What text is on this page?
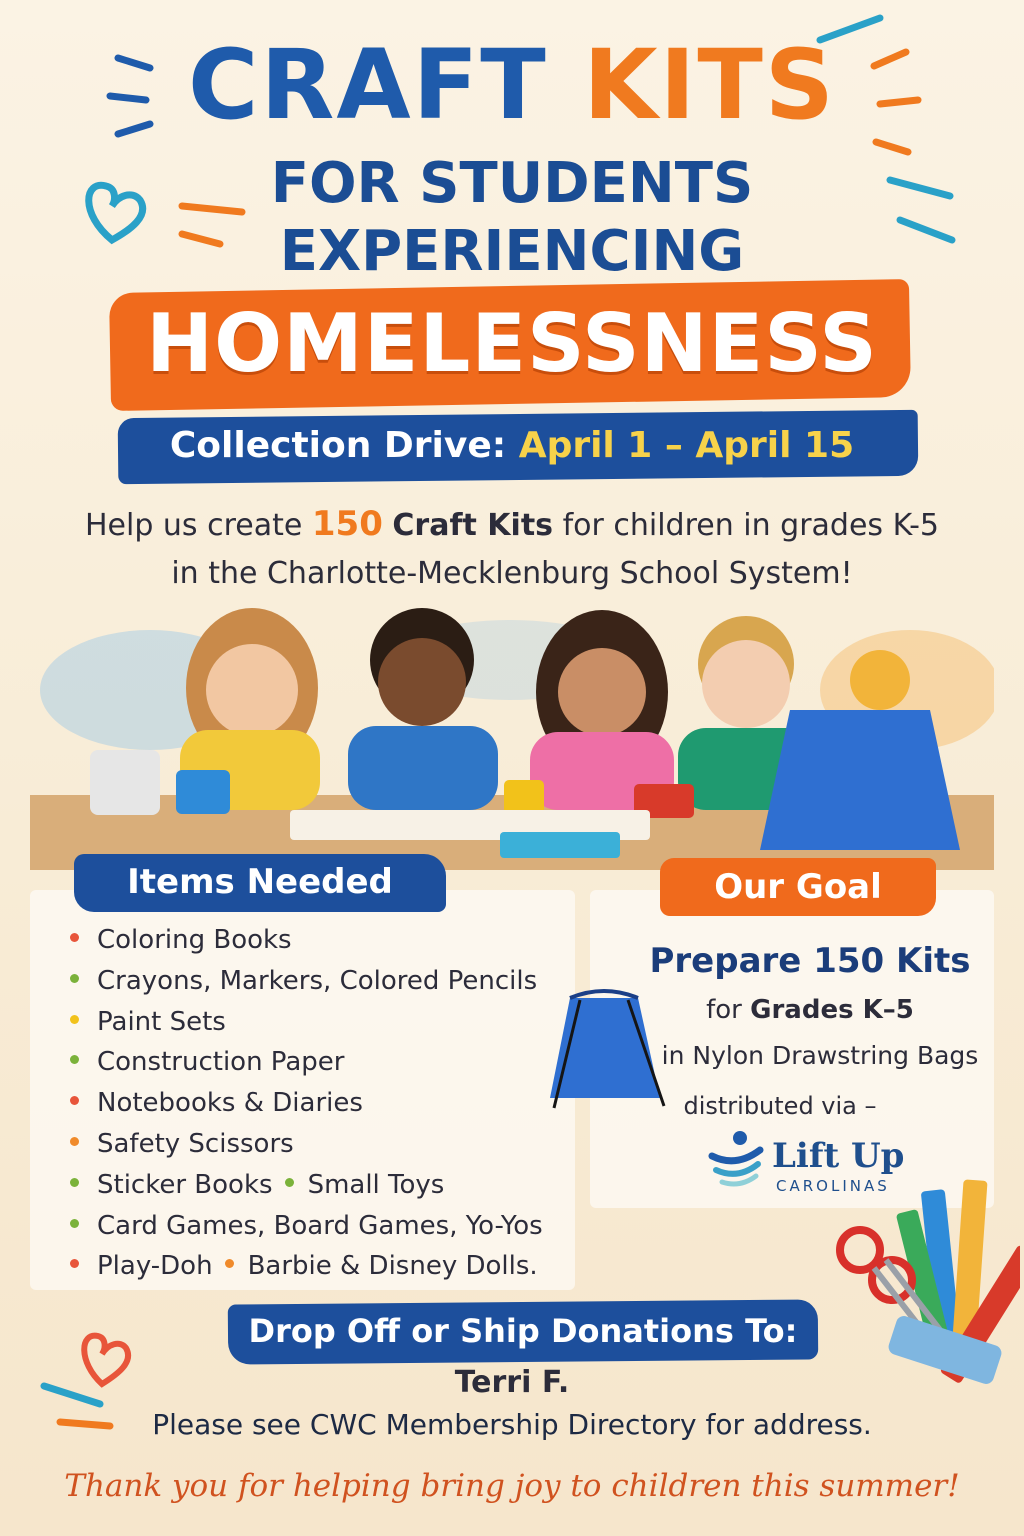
CRAFT KITS
FOR STUDENTS
EXPERIENCING
HOMELESSNESS
Collection Drive: April 1 – April 15
Help us create 150 Craft Kits for children in grades K-5
in the Charlotte-Mecklenburg School System!
Items Needed
Coloring Books
Crayons, Markers, Colored Pencils
Paint Sets
Construction Paper
Notebooks & Diaries
Safety Scissors
Sticker Books Small Toys
Card Games, Board Games, Yo-Yos
Play-Doh Barbie & Disney Dolls.
Our Goal
Prepare 150 Kits
for Grades K–5
in Nylon Drawstring Bags
distributed via –
Lift Up
CAROLINAS
Drop Off or Ship Donations To:
Terri F.
Please see CWC Membership Directory for address.
Thank you for helping bring joy to children this summer!
